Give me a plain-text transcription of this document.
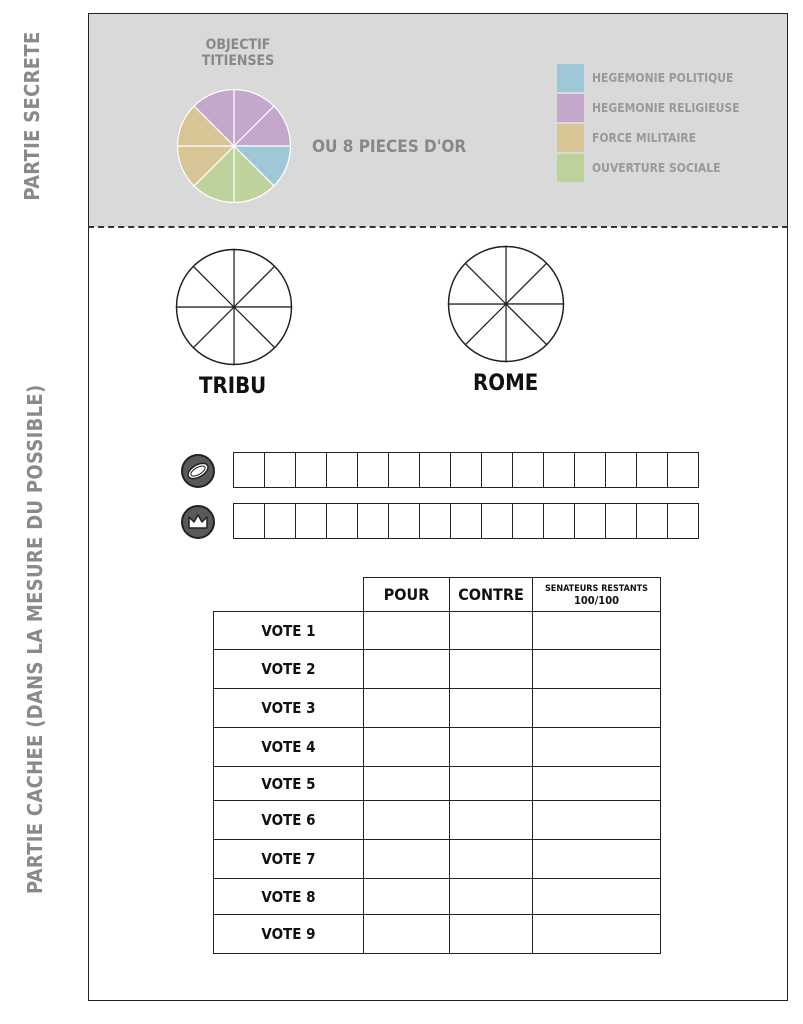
PARTIE SECRETE
PARTIE CACHEE (DANS LA MESURE DU POSSIBLE)
OBJECTIF
TITIENSES
OU 8 PIECES D'OR
HEGEMONIE POLITIQUE
HEGEMONIE RELIGIEUSE
FORCE MILITAIRE
OUVERTURE SOCIALE
TRIBU	ROME
	POUR	CONTRE	SENATEURS RESTANTS
100/100

VOTE 1			
VOTE 2			
VOTE 3			
VOTE 4			
VOTE 5			
VOTE 6			
VOTE 7			
VOTE 8			
VOTE 9			
